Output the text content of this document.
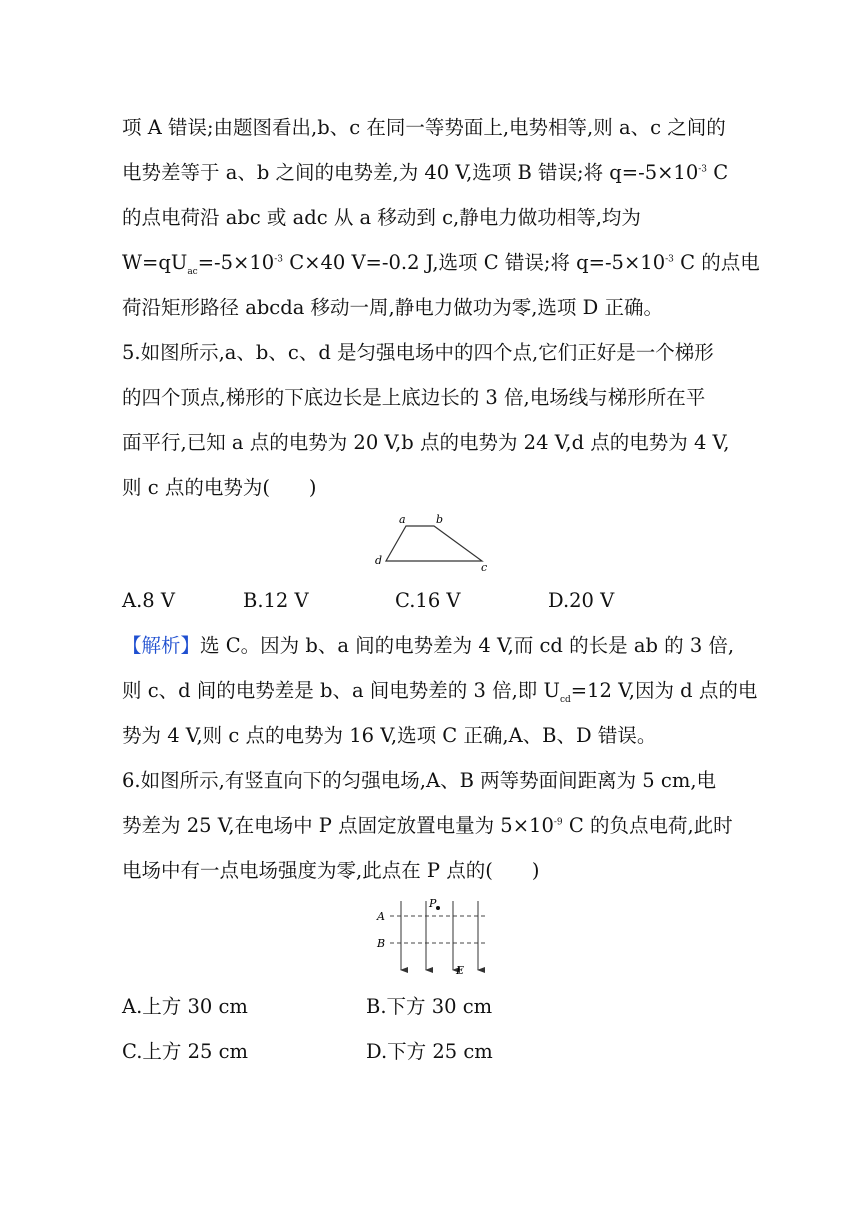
项 A 错误;由题图看出,b、c 在同一等势面上,电势相等,则 a、c 之间的
电势差等于 a、b 之间的电势差,为 40 V,选项 B 错误;将 $q=-5\times 10^{-3}$ C
的点电荷沿 abc 或 adc 从 a 移动到 c,静电力做功相等,均为
$W=qU_{ac}=-5\times 10^{-3}$ C×40 V=-0.2 J,选项 C 错误;将 $q=-5\times 10^{-3}$ C 的点电
荷沿矩形路径 abcda 移动一周,静电力做功为零,选项 D 正确。
5.如图所示,a、b、c、d 是匀强电场中的四个点,它们正好是一个梯形
的四个顶点,梯形的下底边长是上底边长的 3 倍,电场线与梯形所在平
面平行,已知 a 点的电势为 20 V,b 点的电势为 24 V,d 点的电势为 4 V,
则 c 点的电势为(　　)
a	b
d
c
A.8 V	B.12 V	C.16 V	D.20 V
【解析】选 C。因为 b、a 间的电势差为 4 V,而 cd 的长是 ab 的 3 倍,
则 c、d 间的电势差是 b、a 间电势差的 3 倍,即 $U_{cd}=12$ V,因为 d 点的电
势为 4 V,则 c 点的电势为 16 V,选项 C 正确,A、B、D 错误。
6.如图所示,有竖直向下的匀强电场,A、B 两等势面间距离为 5 cm,电
势差为 25 V,在电场中 P 点固定放置电量为 $5\times 10^{-9}$ C 的负点电荷,此时
电场中有一点电场强度为零,此点在 P 点的(　　)
A
B
P
E
A.上方 30 cm	B.下方 30 cm
C.上方 25 cm	D.下方 25 cm
